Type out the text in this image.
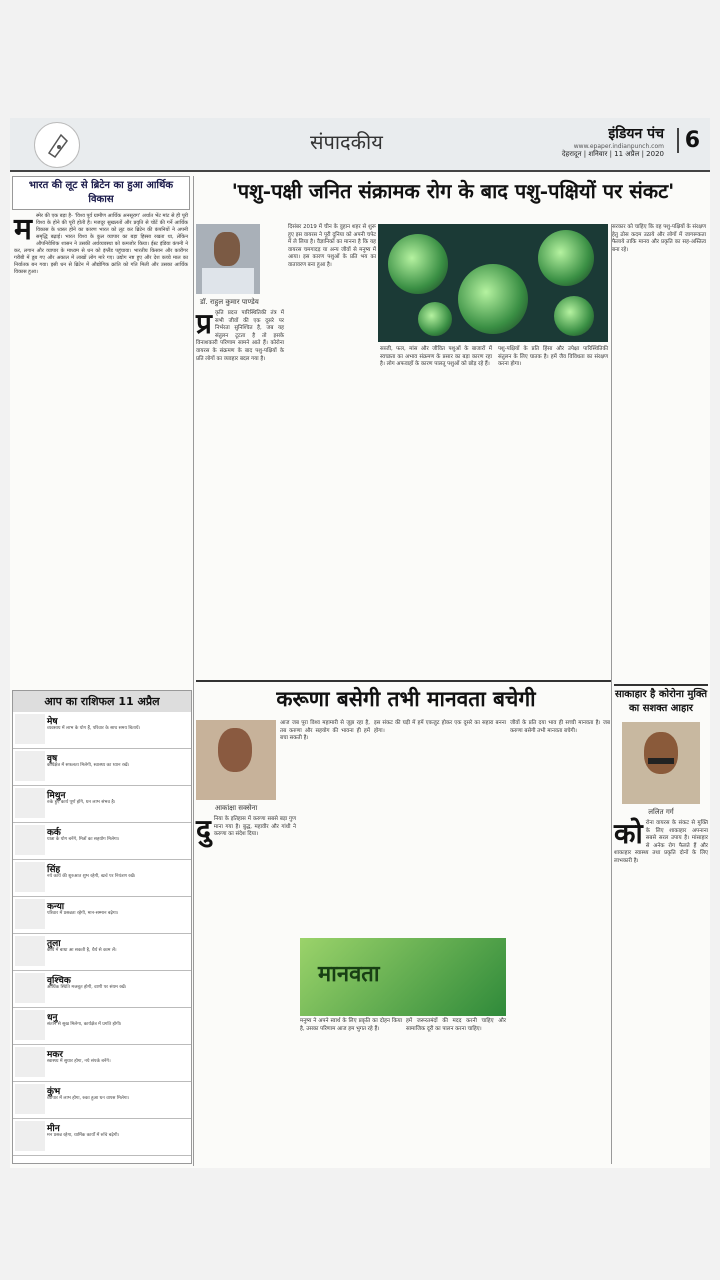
संपादकीय	इंडियन पंच
www.epaper.indianpunch.com
देहरादून | शनिवार | 11 अप्रैल | 2020
6
भारत की लूट से ब्रिटेन का हुआ आर्थिक विकास
म स्मेर की एक बड़ा है- 'विश्व पूर्व ग्रामीण आर्थिक अनसूराग' अर्थात भेंट मांट से ही पूरी विश्व के होने की पूरी होती है। मजदूर सुखलतों और प्रवृति से चोटें की गर्ने आर्थिक विकास के ध्वस्त होने का कारण भारत को लूट कर ब्रिटेन की कंपनियों ने अपनी समृद्धि बढ़ाई। भारत विश्व के कुल व्यापार का बड़ा हिस्सा रखता था, लेकिन औपनिवेशिक शासन ने उसकी अर्थव्यवस्था को कमजोर किया। ईस्ट इंडिया कंपनी ने कर, लगान और व्यापार के माध्यम से धन को इंग्लैंड पहुंचाया। भारतीय किसान और कारीगर गरीबी में डूब गए और अकाल में लाखों लोग मारे गए। उद्योग नष्ट हुए और देश कच्चे माल का निर्यातक बन गया। इसी धन से ब्रिटेन में औद्योगिक क्रांति को गति मिली और उसका आर्थिक विकास हुआ।
आप का राशिफल 11 अप्रैल
मेष
व्यवसाय में लाभ के योग हैं, परिवार के साथ समय बितायें।
वृष
कार्यक्षेत्र में सफलता मिलेगी, स्वास्थ्य का ध्यान रखें।
मिथुन
रुके हुए कार्य पूर्ण होंगे, धन लाभ संभव है।
कर्क
यात्रा के योग बनेंगे, मित्रों का सहयोग मिलेगा।
सिंह
नये कार्य की शुरुआत शुभ रहेगी, खर्च पर नियंत्रण रखें।
कन्या
परिवार में प्रसन्नता रहेगी, मान-सम्मान बढ़ेगा।
तुला
कार्य में बाधा आ सकती है, धैर्य से काम लें।
वृश्चिक
आर्थिक स्थिति मजबूत होगी, वाणी पर संयम रखें।
धनु
संतान से सुख मिलेगा, कार्यक्षेत्र में प्रगति होगी।
मकर
स्वास्थ्य में सुधार होगा, नये संपर्क बनेंगे।
कुंभ
व्यापार में लाभ होगा, रुका हुआ धन वापस मिलेगा।
मीन
मन प्रसन्न रहेगा, धार्मिक कार्यों में रुचि बढ़ेगी।
'पशु-पक्षी जनित संक्रामक रोग के बाद पशु-पक्षियों पर संकट'
डॉ. राहुल कुमार पाण्डेय
प्र कृति प्रदत्त पारिस्थितिकी तंत्र में सभी जीवों की एक दूसरे पर निर्भरता सुनिश्चित है, जब यह संतुलन टूटता है तो इसके विनाशकारी परिणाम सामने आते हैं। कोरोना वायरस के संक्रमण के बाद पशु-पक्षियों के प्रति लोगों का व्यवहार बदल गया है।
दिसंबर 2019 में चीन के वुहान शहर से शुरू हुए इस वायरस ने पूरी दुनिया को अपनी चपेट में ले लिया है। वैज्ञानिकों का मानना है कि यह वायरस चमगादड़ या अन्य जीवों से मनुष्य में आया। इस कारण पशुओं के प्रति भय का वातावरण बना हुआ है।
सब्जी, फल, मांस और जीवित पशुओं के बाजारों में स्वच्छता का अभाव संक्रमण के प्रसार का बड़ा कारण रहा है। लोग अफवाहों के कारण पालतू पशुओं को छोड़ रहे हैं।
पशु-पक्षियों के प्रति हिंसा और उपेक्षा पारिस्थितिकी संतुलन के लिए घातक है। हमें जैव विविधता का संरक्षण करना होगा।
सरकार को चाहिए कि वह पशु-पक्षियों के संरक्षण हेतु ठोस कदम उठाये और लोगों में जागरूकता फैलाये ताकि मानव और प्रकृति का सह-अस्तित्व बना रहे।
करूणा बसेगी तभी मानवता बचेगी
आकांक्षा सक्सेना
दु निया के इतिहास में करुणा सबसे बड़ा गुण माना गया है। बुद्ध, महावीर और गांधी ने करुणा का संदेश दिया।
आज जब पूरा विश्व महामारी से जूझ रहा है, तब करुणा और सहयोग की भावना ही हमें बचा सकती है।
इस संकट की घड़ी में हमें एकजुट होकर एक दूसरे का सहारा बनना होगा।
मानवता
मनुष्य ने अपने स्वार्थ के लिए प्रकृति का दोहन किया है, उसका परिणाम आज हम भुगत रहे हैं।
हमें जरूरतमंदों की मदद करनी चाहिए और सामाजिक दूरी का पालन करना चाहिए।
जीवों के प्रति दया भाव ही सच्ची मानवता है। जब करुणा बसेगी तभी मानवता बचेगी।
साकाहार है कोरोना मुक्ति का सशक्त आहार
ललित गर्ग
को रोना वायरस के संकट से मुक्ति के लिए शाकाहार अपनाना सबसे सरल उपाय है। मांसाहार से अनेक रोग फैलते हैं और शाकाहार स्वास्थ्य तथा प्रकृति दोनों के लिए लाभकारी है।
